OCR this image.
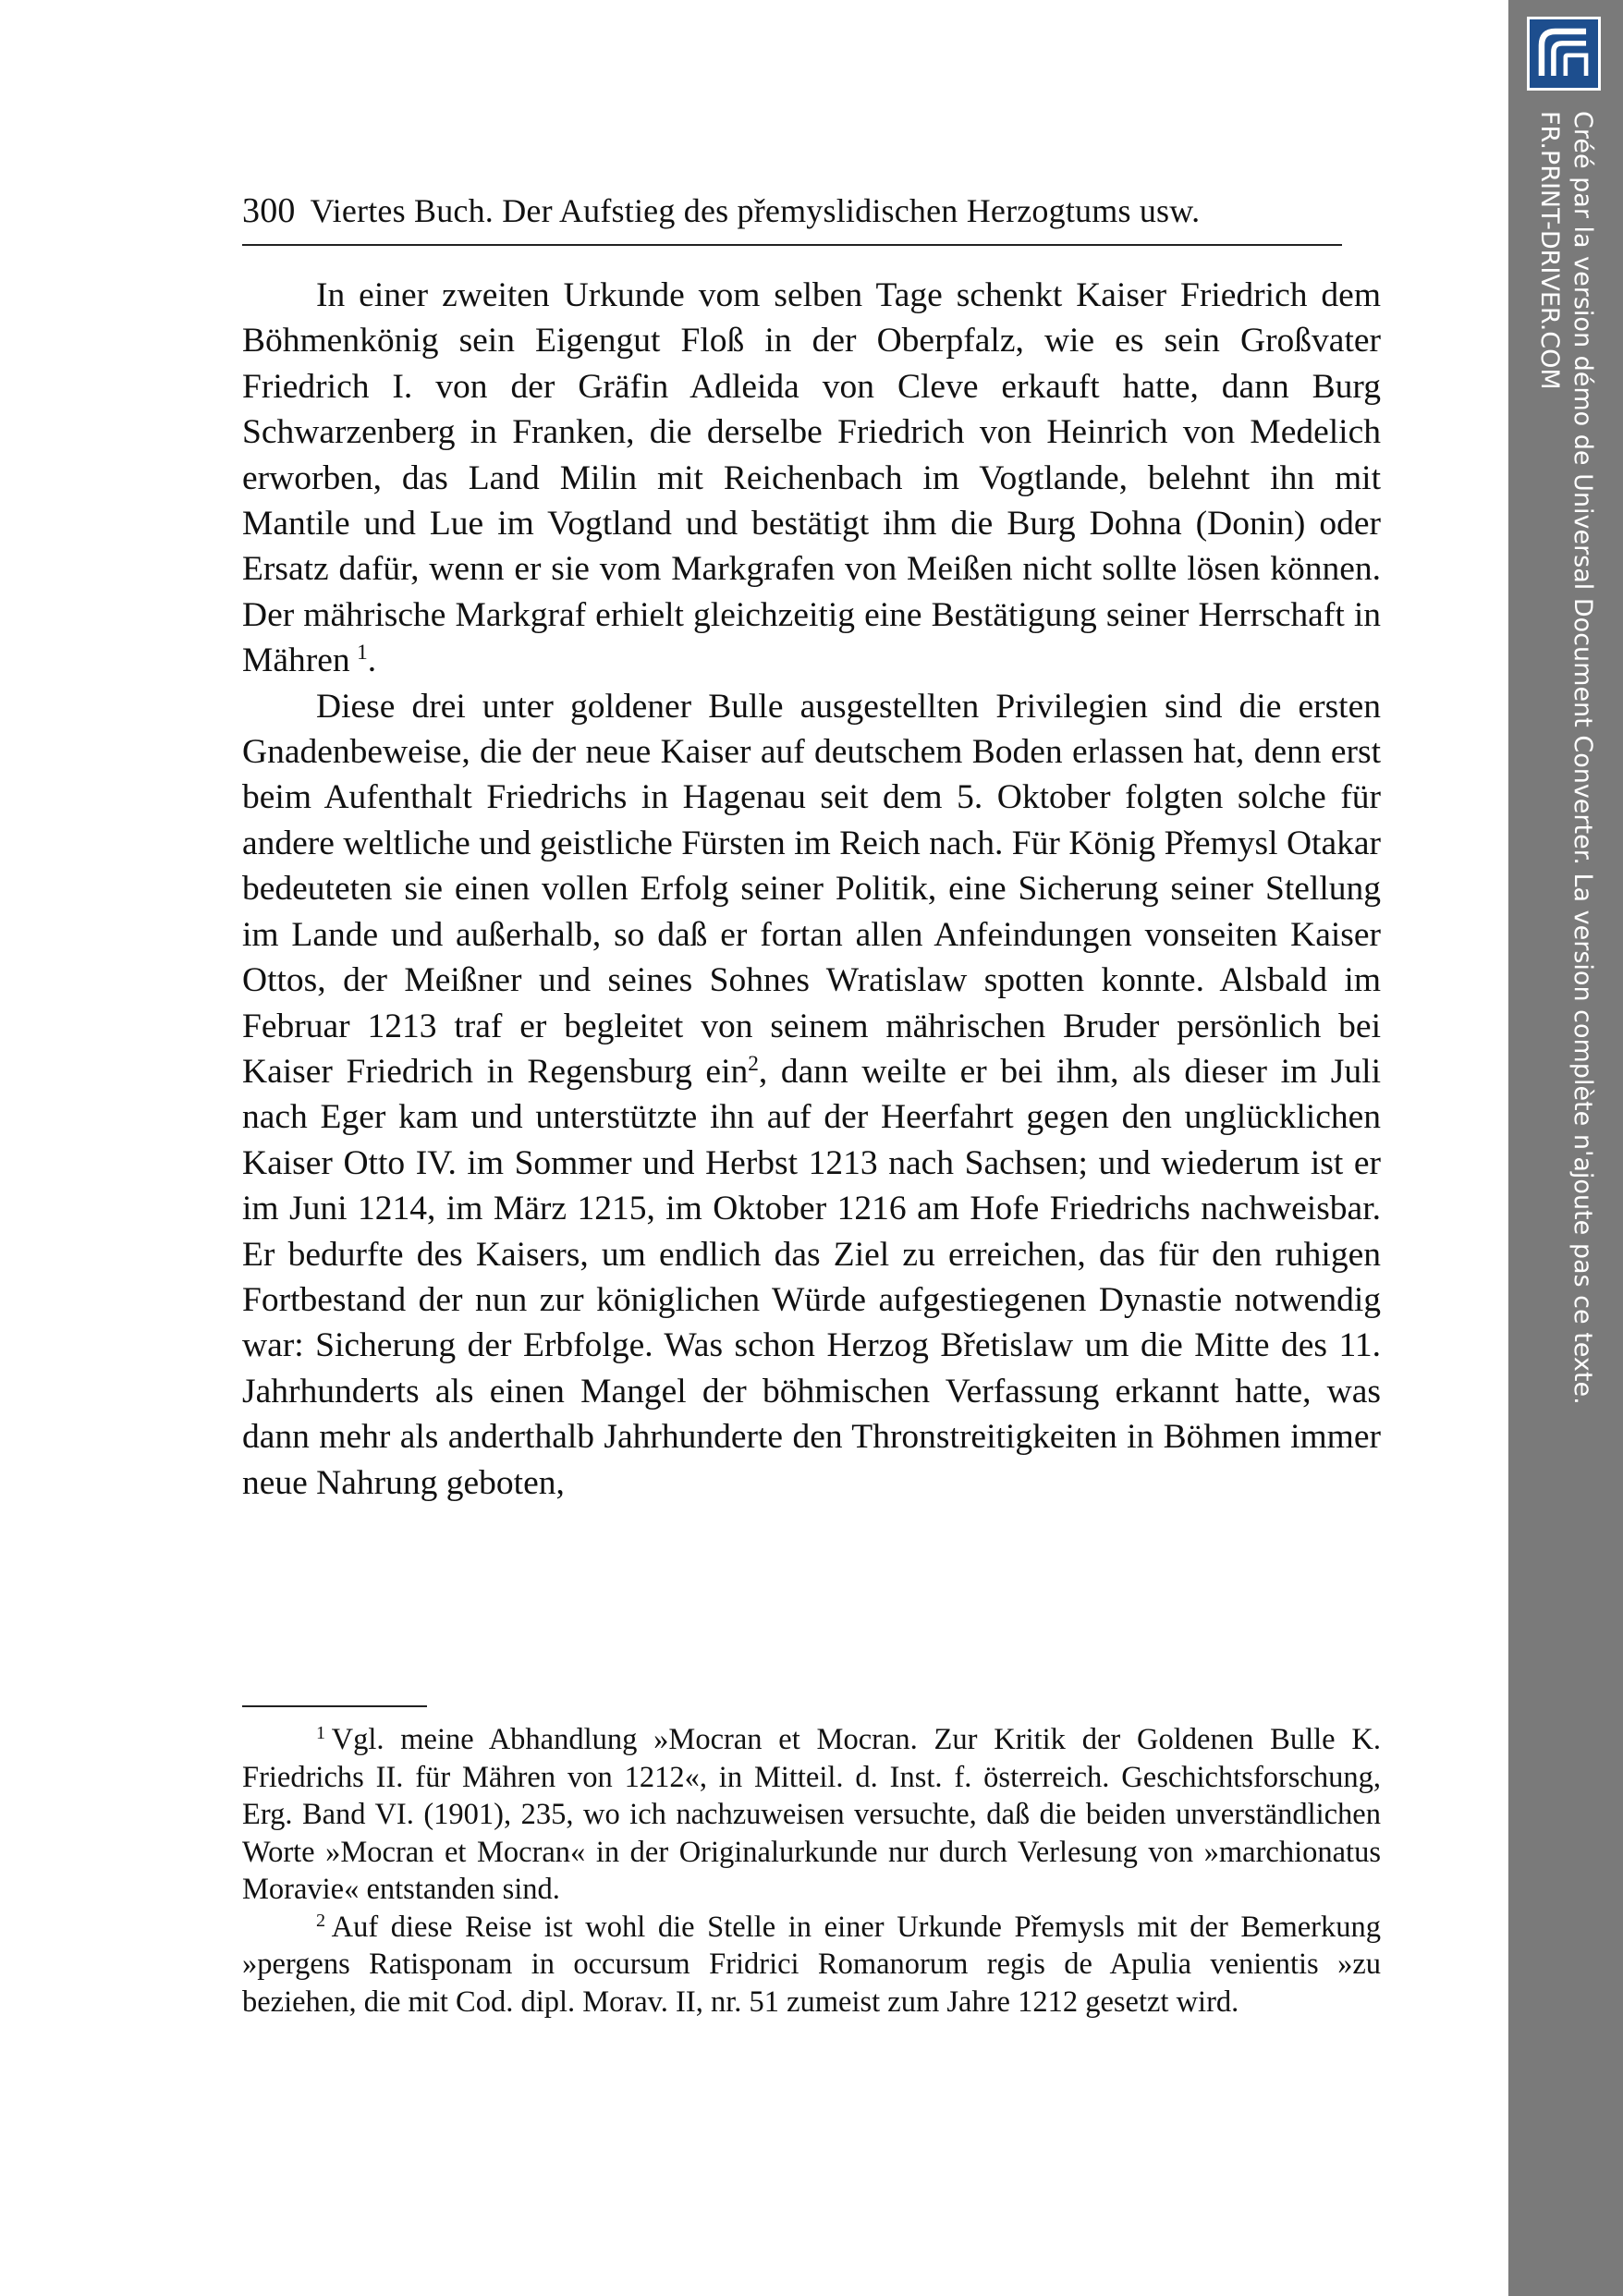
300 Viertes Buch. Der Aufstieg des přemyslidischen Herzogtums usw.

In einer zweiten Urkunde vom selben Tage schenkt Kaiser Friedrich dem Böhmenkönig sein Eigengut Floß in der Oberpfalz, wie es sein Großvater Friedrich I. von der Gräfin Adleida von Cleve erkauft hatte, dann Burg Schwarzenberg in Franken, die derselbe Friedrich von Heinrich von Medelich erworben, das Land Milin mit Reichenbach im Vogtlande, belehnt ihn mit Mantile und Lue im Vogtland und bestätigt ihm die Burg Dohna (Donin) oder Ersatz dafür, wenn er sie vom Markgrafen von Meißen nicht sollte lösen können. Der mährische Markgraf erhielt gleichzeitig eine Bestätigung seiner Herrschaft in Mähren  $^1$.

Diese drei unter goldener Bulle ausgestellten Privilegien sind die ersten Gnadenbeweise, die der neue Kaiser auf deutschem Boden erlassen hat, denn erst beim Aufenthalt Friedrichs in Hagenau seit dem 5. Oktober folgten solche für andere weltliche und geistliche Fürsten im Reich nach. Für König Přemysl Otakar bedeuteten sie einen vollen Erfolg seiner Politik, eine Sicherung seiner Stellung im Lande und außerhalb, so daß er fortan allen Anfeindungen vonseiten Kaiser Ottos, der Meißner und seines Sohnes Wratislaw spotten konnte. Alsbald im Februar 1213 traf er begleitet von seinem mährischen Bruder persönlich bei Kaiser Friedrich in Regensburg ein$^2$, dann weilte er bei ihm, als dieser im Juli nach Eger kam und unterstützte ihn auf der Heerfahrt gegen den unglücklichen Kaiser Otto IV. im Sommer und Herbst 1213 nach Sachsen; und wiederum ist er im Juni 1214, im März 1215, im Oktober 1216 am Hofe Friedrichs nachweisbar. Er bedurfte des Kaisers, um endlich das Ziel zu erreichen, das für den ruhigen Fortbestand der nun zur königlichen Würde aufgestiegenen Dynastie notwendig war: Sicherung der Erbfolge. Was schon Herzog Břetislaw um die Mitte des 11. Jahrhunderts als einen Mangel der böhmischen Verfassung erkannt hatte, was dann mehr als anderthalb Jahrhunderte den Thronstreitigkeiten in Böhmen immer neue Nahrung geboten,

$^1$  Vgl. meine Abhandlung »Mocran et Mocran. Zur Kritik der Goldenen Bulle K. Friedrichs II. für Mähren von 1212«, in Mitteil. d. Inst. f. österreich. Geschichtsforschung, Erg. Band VI. (1901), 235, wo ich nachzuweisen versuchte, daß die beiden unverständlichen Worte »Mocran et Mocran« in der Originalurkunde nur durch Verlesung von »marchionatus Moravie« entstanden sind.

$^2$  Auf diese Reise ist wohl die Stelle in einer Urkunde Přemysls mit der Bemerkung »pergens Ratisponam in occursum Fridrici Romanorum regis de Apulia venientis »zu beziehen, die mit Cod. dipl. Morav. II, nr. 51 zumeist zum Jahre 1212 gesetzt wird.

Créé par la version démo de Universal Document Converter. La version complète n'ajoute pas ce texte.
FR.PRINT-DRIVER.COM
